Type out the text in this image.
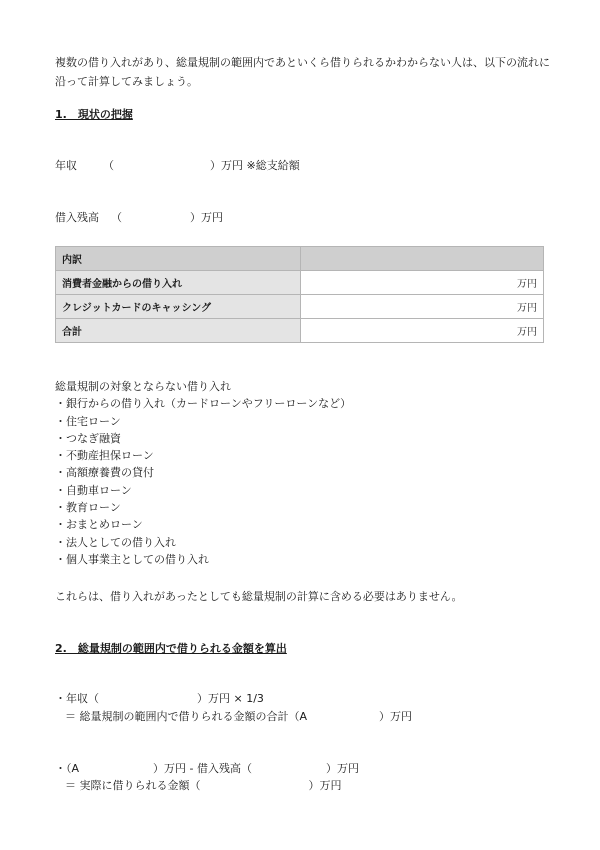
複数の借り入れがあり、総量規制の範囲内であといくら借りられるかわからない人は、以下の流れに沿って計算してみましょう。
1.　現状の把握
年収 （	）万円 ※総支給額
借入残高 （	）万円
内訳	
消費者金融からの借り入れ	万円
クレジットカードのキャッシング	万円
合計	万円
総量規制の対象とならない借り入れ
・銀行からの借り入れ（カードローンやフリーローンなど）
・住宅ローン
・つなぎ融資
・不動産担保ローン
・高額療養費の貸付
・自動車ローン
・教育ローン
・おまとめローン
・法人としての借り入れ
・個人事業主としての借り入れ
これらは、借り入れがあったとしても総量規制の計算に含める必要はありません。
2.　総量規制の範囲内で借りられる金額を算出
・年収（	）万円 × 1/3
＝ 総量規制の範囲内で借りられる金額の合計（A	）万円
・（A	）万円 - 借入残高（	）万円
＝ 実際に借りられる金額（	）万円
